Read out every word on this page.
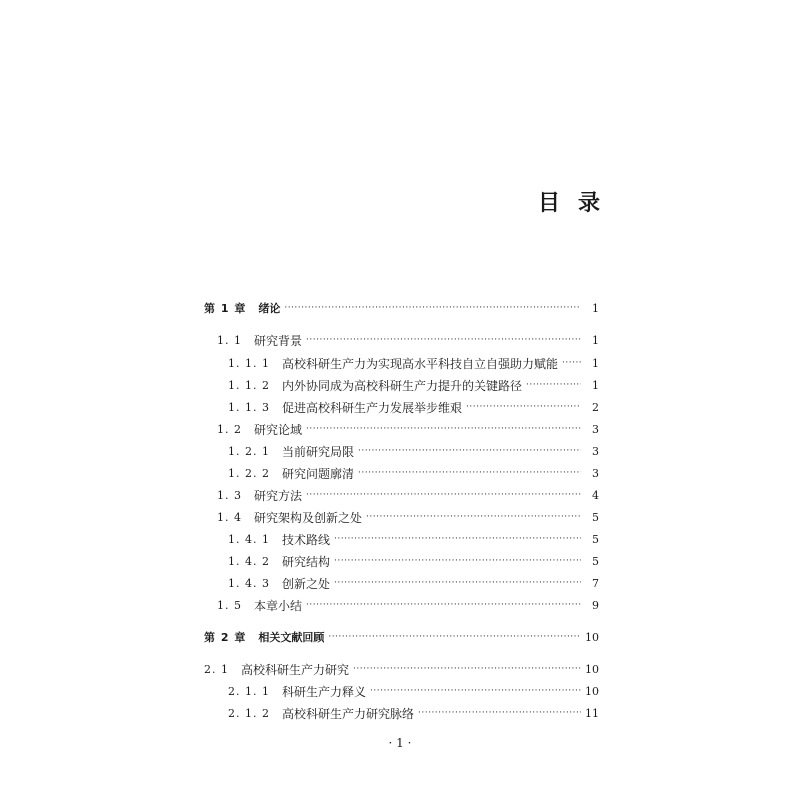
目 录
第 1 章 绪论 ·····	1
1. 1 研究背景 ·····	1
1. 1. 1 高校科研生产力为实现高水平科技自立自强助力赋能 ·····	1
1. 1. 2 内外协同成为高校科研生产力提升的关键路径 ·····	1
1. 1. 3 促进高校科研生产力发展举步维艰 ·····	2
1. 2 研究论域 ·····	3
1. 2. 1 当前研究局限 ·····	3
1. 2. 2 研究问题廓清 ·····	3
1. 3 研究方法 ·····	4
1. 4 研究架构及创新之处 ·····	5
1. 4. 1 技术路线 ·····	5
1. 4. 2 研究结构 ·····	5
1. 4. 3 创新之处 ·····	7
1. 5 本章小结 ·····	9
第 2 章 相关文献回顾 ·····	10
2. 1 高校科研生产力研究 ·····	10
2. 1. 1 科研生产力释义 ·····	10
2. 1. 2 高校科研生产力研究脉络 ·····	11
· 1 ·
